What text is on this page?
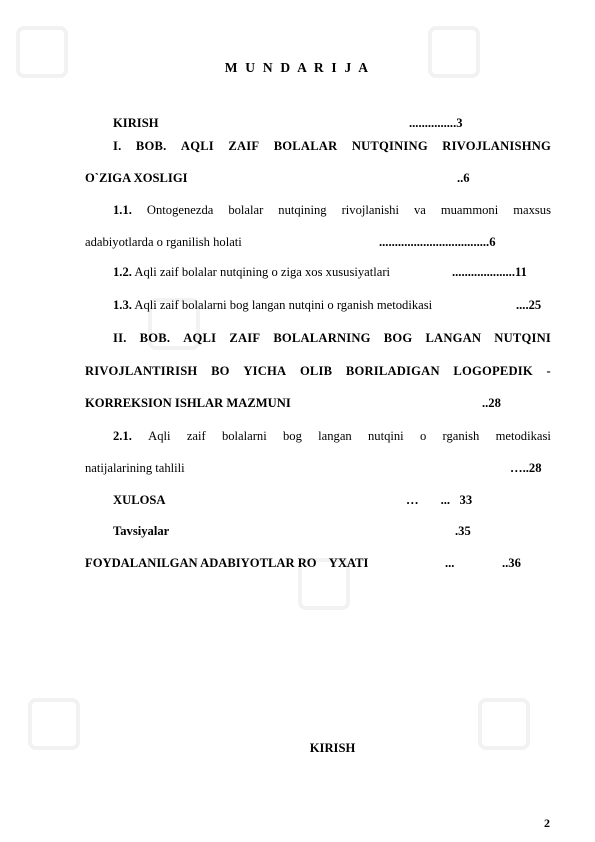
M U N D A R I J A
KIRISH	...............3
I. BOB. AQLI ZAIF BOLALAR NUTQINING RIVOJLANISHNG
O`ZIGA XOSLIGI	..6
1.1. Ontogenezda bolalar nutqining rivojlanishi va muammoni maxsus
adabiyotlarda o rganilish holati	...................................6
1.2. Aqli zaif bolalar nutqining o ziga xos xususiyatlari	....................11
1.3. Aqli zaif bolalarni bog langan nutqini o rganish metodikasi	....25
II. BOB. AQLI ZAIF BOLALARNING BOG LANGAN NUTQINI
RIVOJLANTIRISH BO YICHA OLIB BORILADIGAN LOGOPEDIK -
KORREKSION ISHLAR MAZMUNI	..28
2.1. Aqli zaif bolalarni bog langan nutqini o rganish metodikasi
natijalarining tahlili	…..28
XULOSA	…       ...   33
Tavsiyalar	.35
FOYDALANILGAN ADABIYOTLAR RO    YXATI	...	..36
KIRISH
2
